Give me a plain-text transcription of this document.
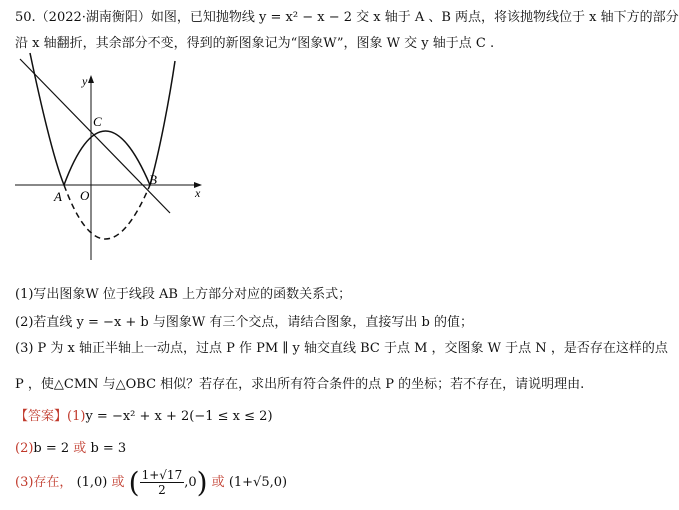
50.（2022·湖南衡阳）如图，已知抛物线 y = x² − x − 2 交 x 轴于 A 、B 两点，将该抛物线位于 x 轴下方的部分
沿 x 轴翻折，其余部分不变，得到的新图象记为“图象W”，图象 W 交 y 轴于点 C .
y
x
C
A O
B
(1)写出图象W 位于线段 AB 上方部分对应的函数关系式；
(2)若直线 y = −x + b 与图象W 有三个交点，请结合图象，直接写出 b 的值；
(3) P 为 x 轴正半轴上一动点，过点 P 作 PM ∥ y 轴交直线 BC 于点 M ，交图象 W 于点 N ，是否存在这样的点
P ，使△CMN 与△OBC 相似？若存在，求出所有符合条件的点 P 的坐标；若不存在，请说明理由.
【答案】(1)y = −x² + x + 2(−1 ≤ x ≤ 2)
(2)b = 2 或 b = 3
(3)存在， (1,0) 或 ( $\frac{1+√17}{2} ,0$) 或 (1+√5,0)
